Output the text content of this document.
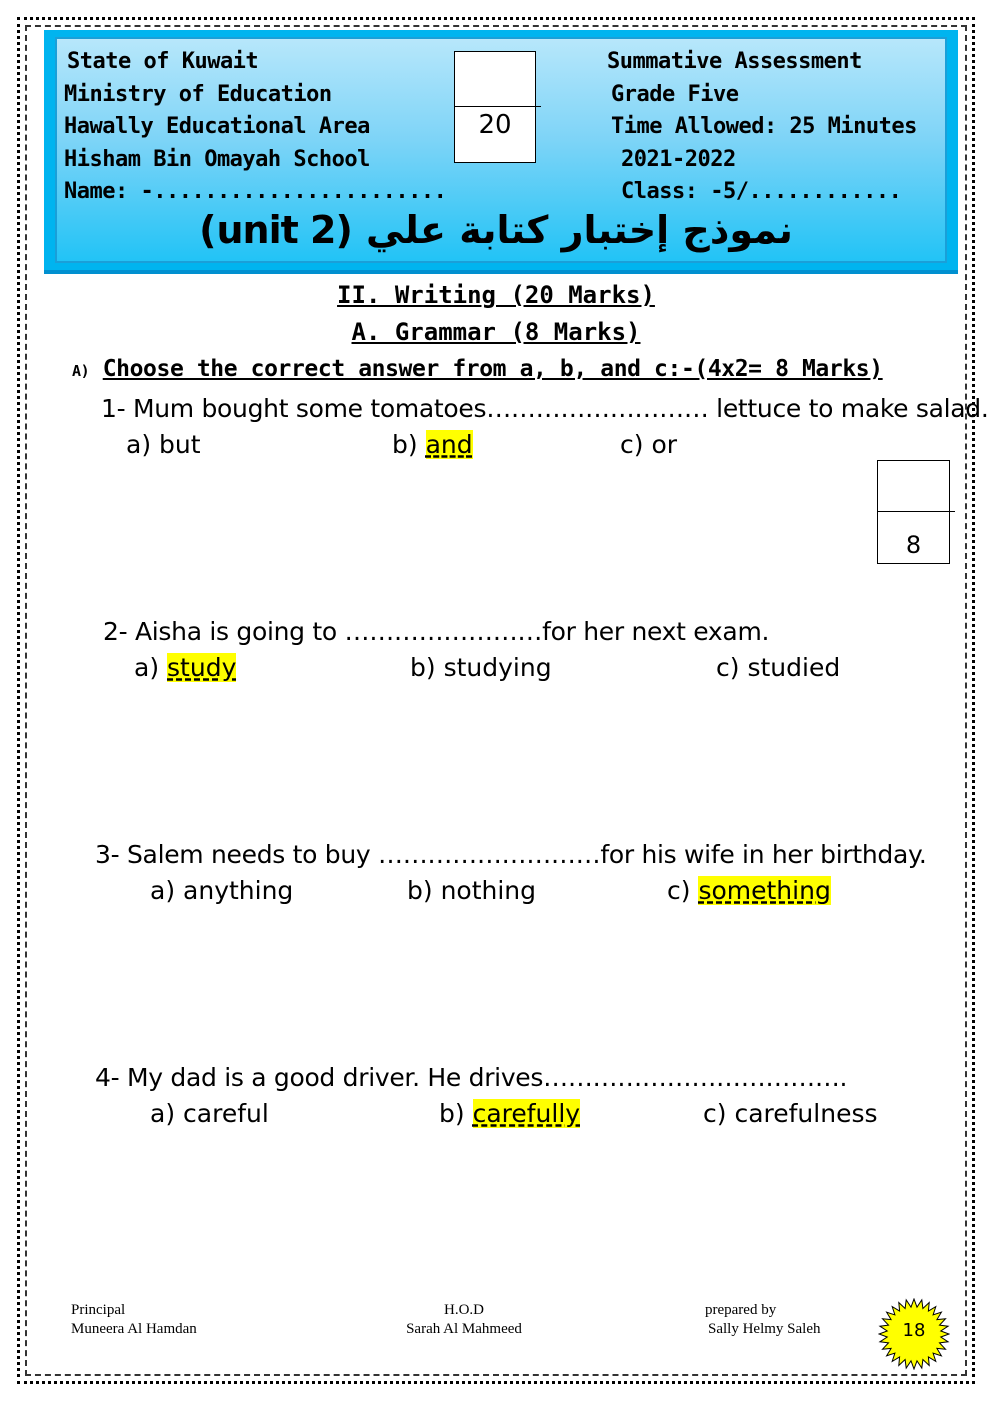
State of Kuwait
Ministry of Education
Hawally Educational Area
Hisham Bin Omayah School
Name: -.......................
Summative Assessment
Grade Five
Time Allowed: 25 Minutes
2021-2022
Class: -5/............
20
نموذج إختبار كتابة علي (unit 2)
II. Writing (20 Marks)
A. Grammar (8 Marks)
A) Choose the correct answer from a, b, and c:-(4x2= 8 Marks)
8
1- Mum bought some tomatoes……………………… lettuce to make salad.
a) but	b) and	c) or
2- Aisha is going to ……………………for her next exam.
a) study	b) studying	c) studied
3- Salem needs to buy ………………………for his wife in her birthday.
a) anything	b) nothing	c) something
4- My dad is a good driver. He drives……………………………….
a) careful	b) carefully	c) carefulness
Principal
Muneera Al Hamdan
H.O.D
Sarah Al Mahmeed
prepared by
Sally Helmy Saleh	18
